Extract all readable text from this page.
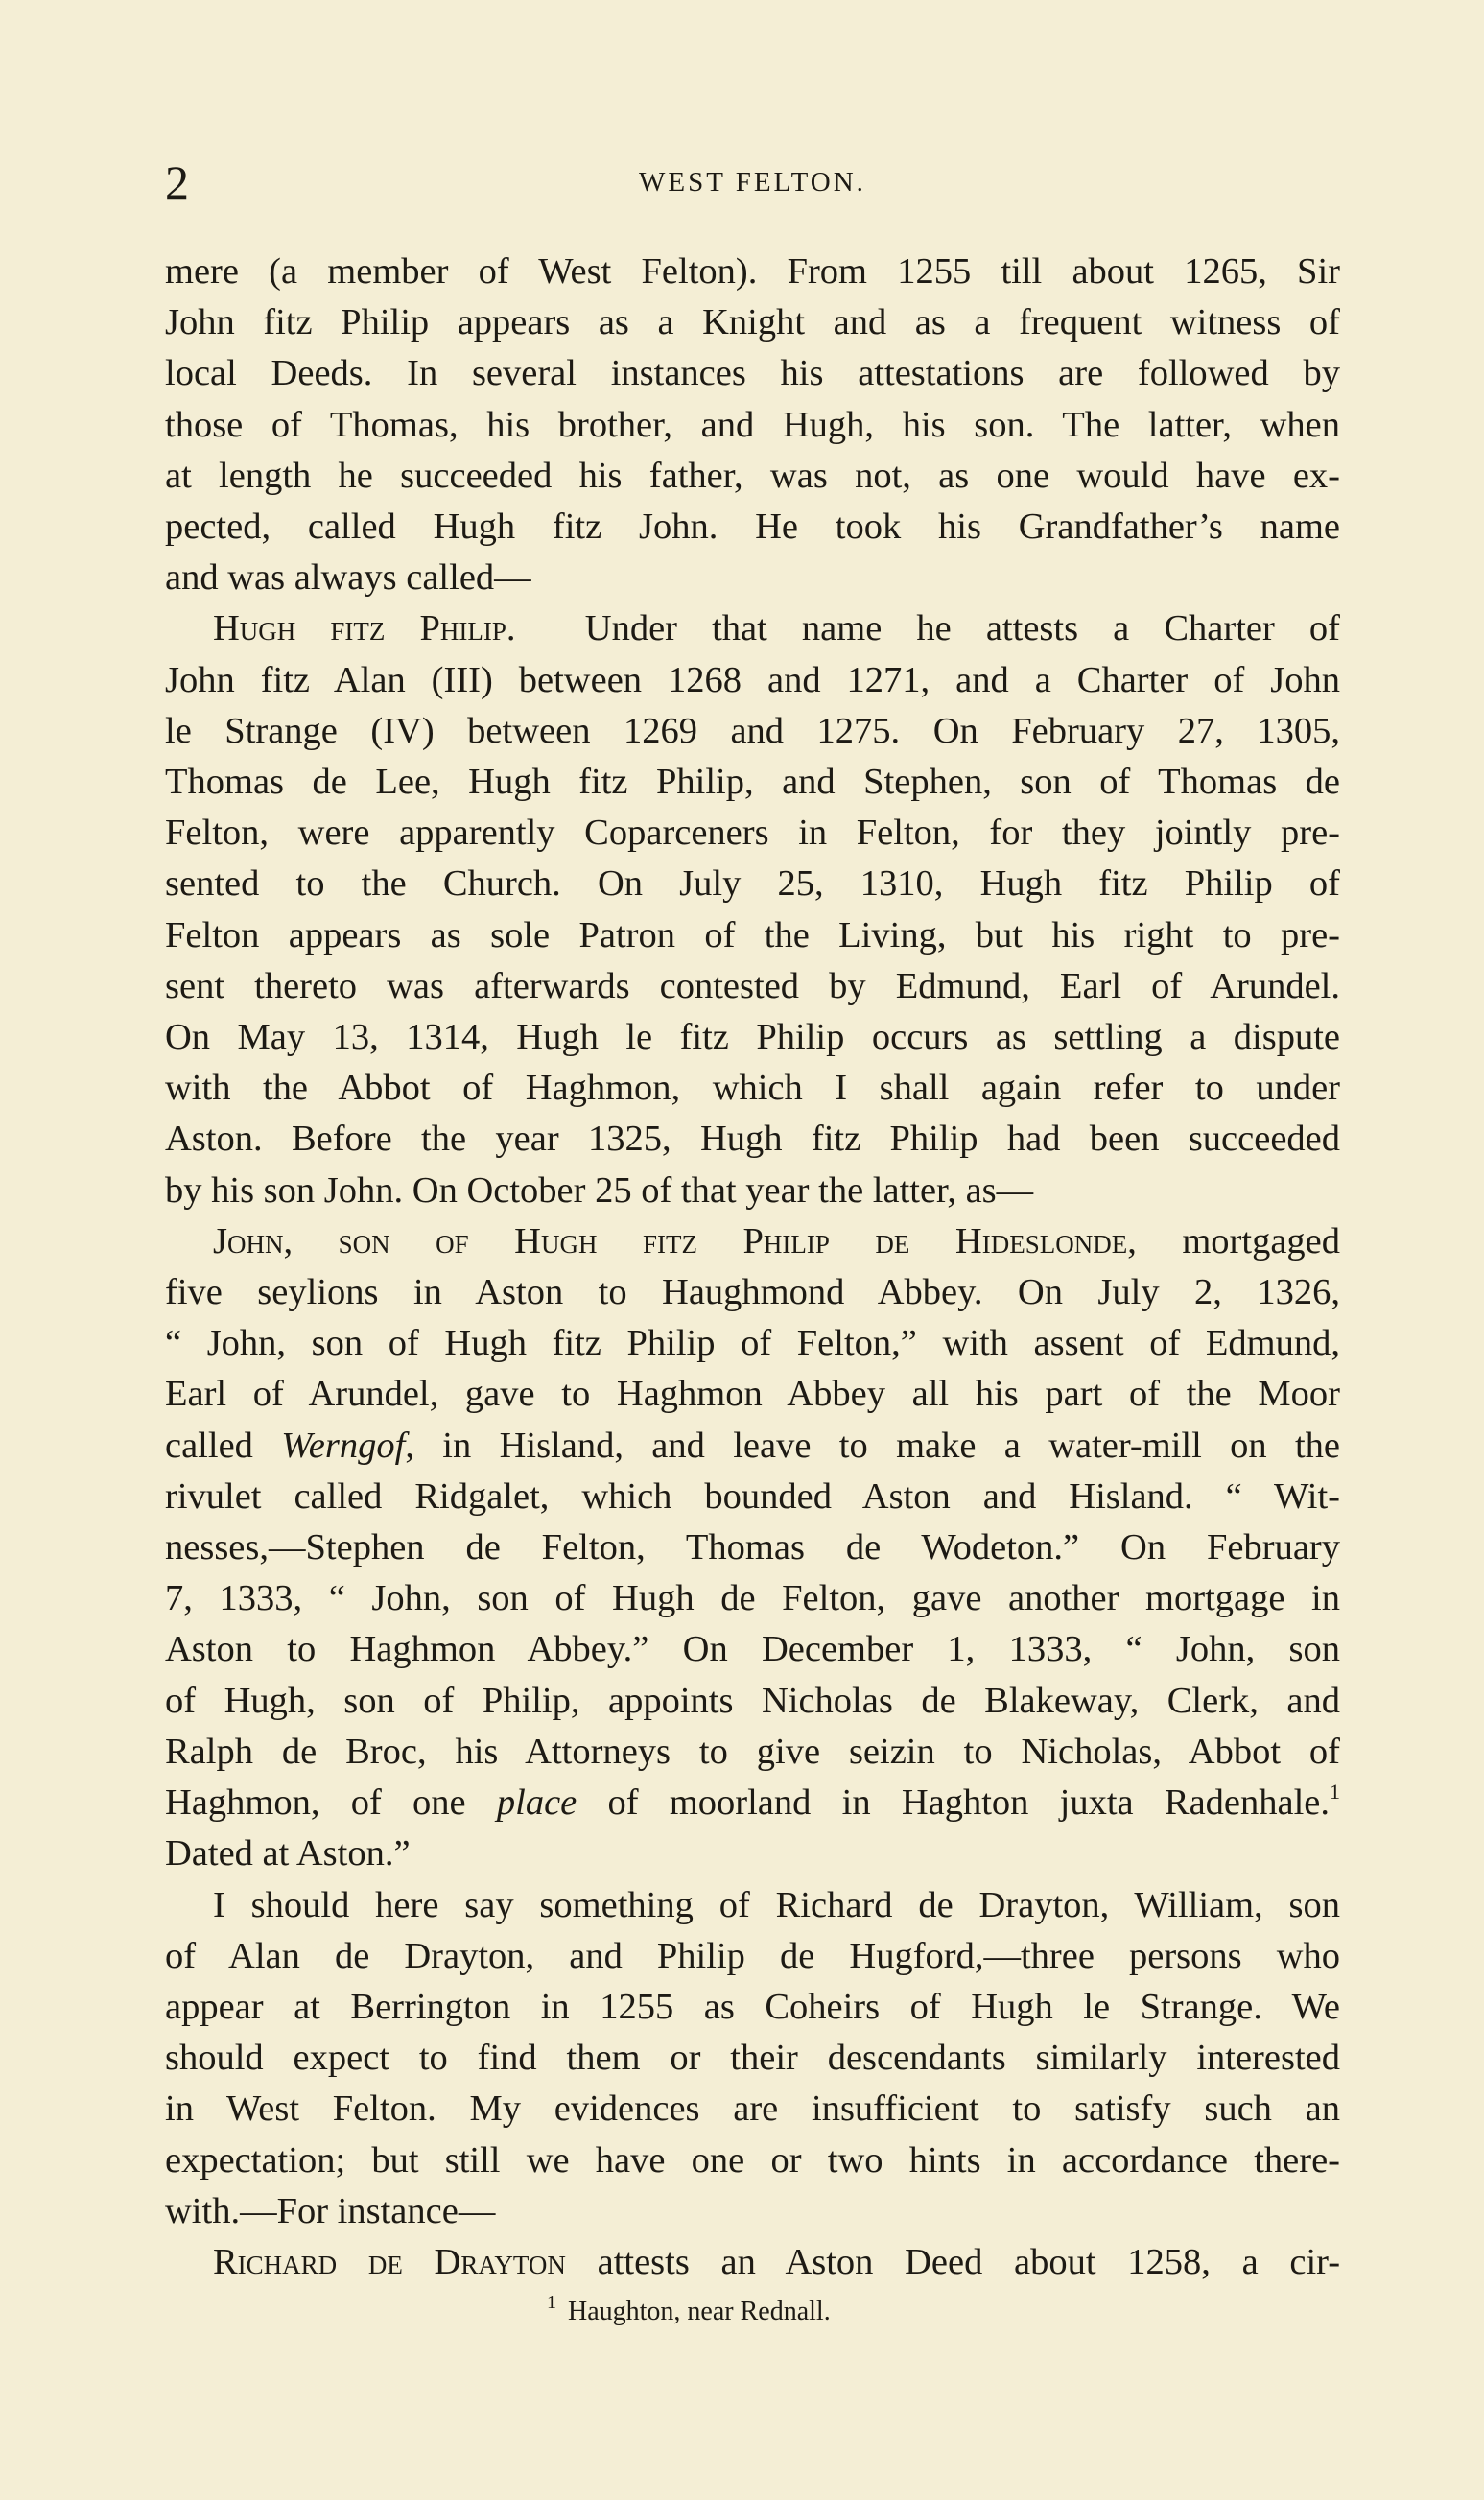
2	WEST FELTON.
mere (a member of West Felton). From 1255 till about 1265, Sir
John fitz Philip appears as a Knight and as a frequent witness of
local Deeds. In several instances his attestations are followed by
those of Thomas, his brother, and Hugh, his son. The latter, when
at length he succeeded his father, was not, as one would have ex-
pected, called Hugh fitz John. He took his Grandfather’s name
and was always called—
Hugh fitz Philip. Under that name he attests a Charter of
John fitz Alan (III) between 1268 and 1271, and a Charter of John
le Strange (IV) between 1269 and 1275. On February 27, 1305,
Thomas de Lee, Hugh fitz Philip, and Stephen, son of Thomas de
Felton, were apparently Coparceners in Felton, for they jointly pre-
sented to the Church. On July 25, 1310, Hugh fitz Philip of
Felton appears as sole Patron of the Living, but his right to pre-
sent thereto was afterwards contested by Edmund, Earl of Arundel.
On May 13, 1314, Hugh le fitz Philip occurs as settling a dispute
with the Abbot of Haghmon, which I shall again refer to under
Aston. Before the year 1325, Hugh fitz Philip had been succeeded
by his son John. On October 25 of that year the latter, as—
John, son of Hugh fitz Philip de Hideslonde, mortgaged
five seylions in Aston to Haughmond Abbey. On July 2, 1326,
“ John, son of Hugh fitz Philip of Felton,” with assent of Edmund,
Earl of Arundel, gave to Haghmon Abbey all his part of the Moor
called Werngof, in Hisland, and leave to make a water-mill on the
rivulet called Ridgalet, which bounded Aston and Hisland. “ Wit-
nesses,—Stephen de Felton, Thomas de Wodeton.” On February
7, 1333, “ John, son of Hugh de Felton, gave another mortgage in
Aston to Haghmon Abbey.” On December 1, 1333, “ John, son
of Hugh, son of Philip, appoints Nicholas de Blakeway, Clerk, and
Ralph de Broc, his Attorneys to give seizin to Nicholas, Abbot of
Haghmon, of one place of moorland in Haghton juxta Radenhale.$^1$
Dated at Aston.”
I should here say something of Richard de Drayton, William, son
of Alan de Drayton, and Philip de Hugford,—three persons who
appear at Berrington in 1255 as Coheirs of Hugh le Strange. We
should expect to find them or their descendants similarly interested
in West Felton. My evidences are insufficient to satisfy such an
expectation; but still we have one or two hints in accordance there-
with.—For instance—
Richard de Drayton attests an Aston Deed about 1258, a cir-
$^1$ Haughton, near Rednall.
